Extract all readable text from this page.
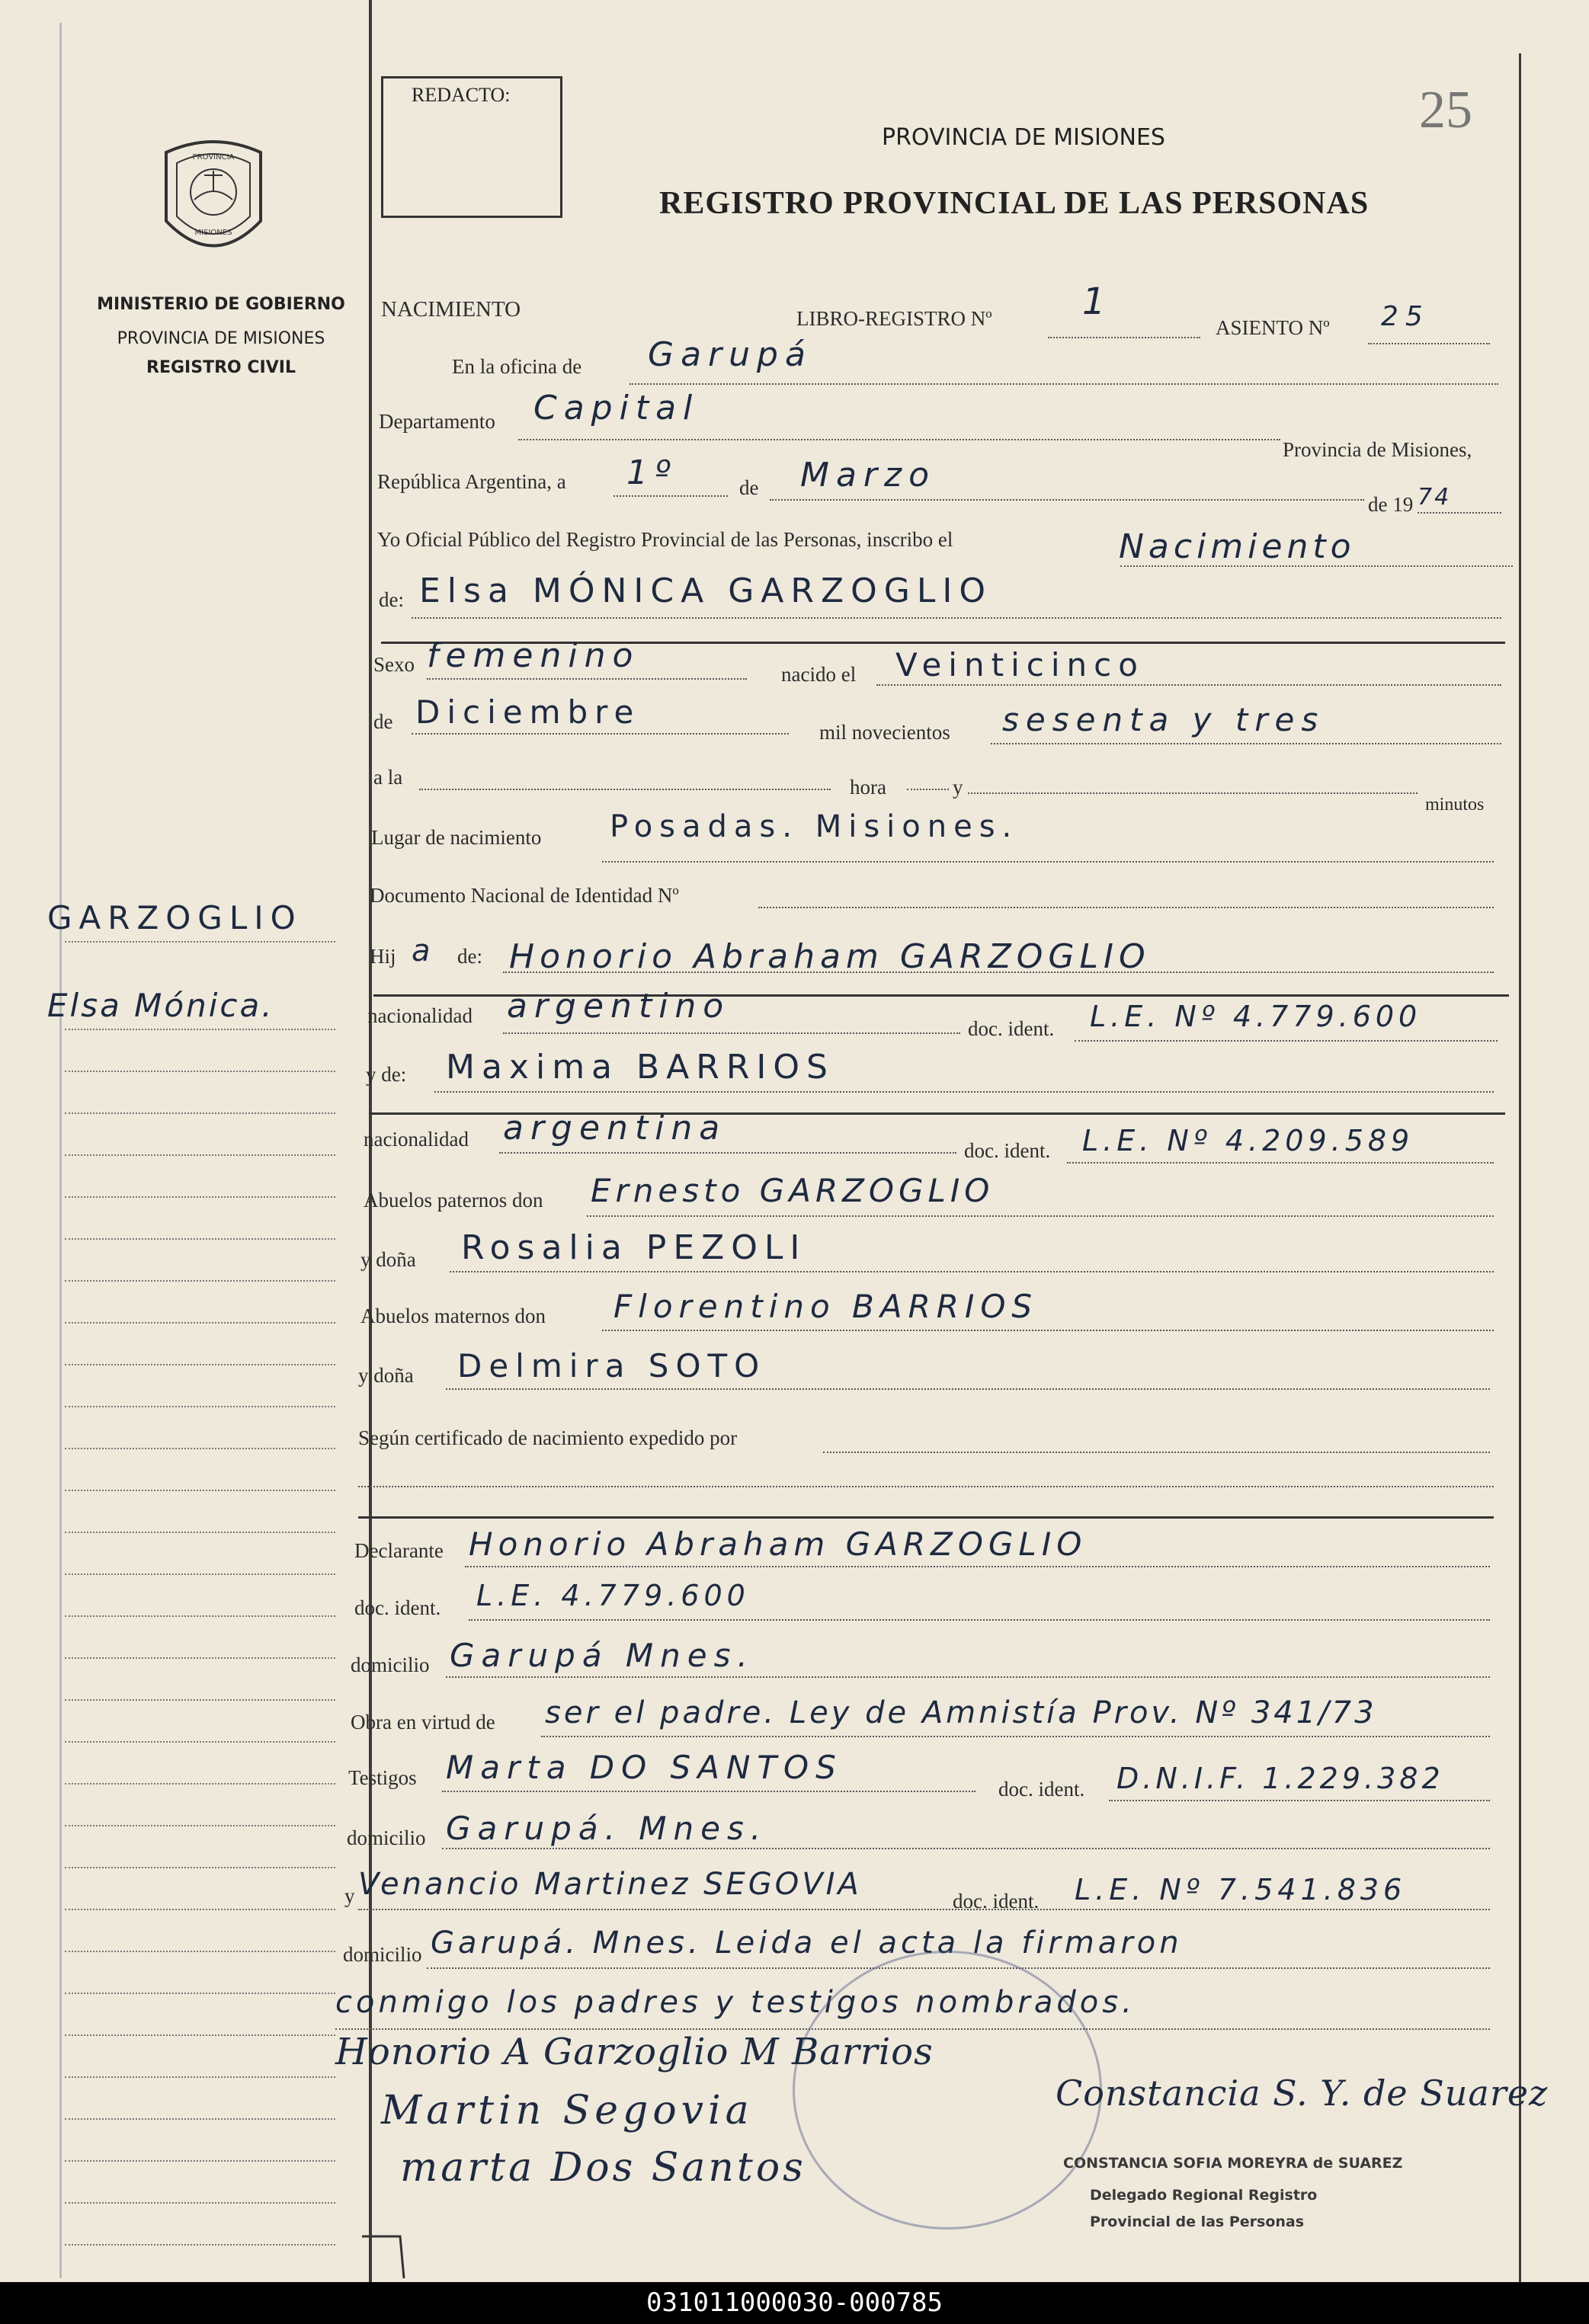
REDACTO:	25
PROVINCIA DE MISIONES
REGISTRO PROVINCIAL DE LAS PERSONAS
PROVINCIA
MISIONES
MINISTERIO DE GOBIERNO
PROVINCIA DE MISIONES
REGISTRO CIVIL
GARZOGLIO
Elsa Mónica.
NACIMIENTO	LIBRO-REGISTRO Nº 1
ASIENTO Nº 25
En la oficina de Garupá
Departamento Capital
Provincia de Misiones,
República Argentina, a 1º	de Marzo
de 19 74
Yo Oficial Público del Registro Provincial de las Personas, inscribo el	Nacimiento
de: Elsa MÓNICA GARZOGLIO
Sexo femenino	nacido el Veinticinco
de Diciembre
mil novecientos sesenta y tres
a la	hora	y
minutos
Lugar de nacimiento Posadas. Misiones.
Documento Nacional de Identidad Nº
Hij a de: Honorio Abraham GARZOGLIO
nacionalidad argentino
doc. ident. L.E. Nº 4.779.600
y de: Maxima BARRIOS
nacionalidad argentina
doc. ident. L.E. Nº 4.209.589
Abuelos paternos don Ernesto GARZOGLIO
y doña Rosalia PEZOLI
Abuelos maternos don Florentino BARRIOS
y doña Delmira SOTO
Según certificado de nacimiento expedido por
Declarante Honorio Abraham GARZOGLIO
doc. ident. L.E. 4.779.600
domicilio Garupá Mnes.
Obra en virtud de ser el padre. Ley de Amnistía Prov. Nº 341/73
Testigos Marta DO SANTOS
doc. ident. D.N.I.F. 1.229.382
domicilio Garupá. Mnes.
y Venancio Martinez SEGOVIA	doc. ident. L.E. Nº 7.541.836
domicilio Garupá. Mnes. Leida el acta la firmaron
conmigo los padres y testigos nombrados.
Honorio A Garzoglio M Barrios
Martin Segovia
marta Dos Santos
Constancia S. Y. de Suarez
CONSTANCIA SOFIA MOREYRA de SUAREZ
Delegado Regional Registro
Provincial de las Personas
031011000030-000785
